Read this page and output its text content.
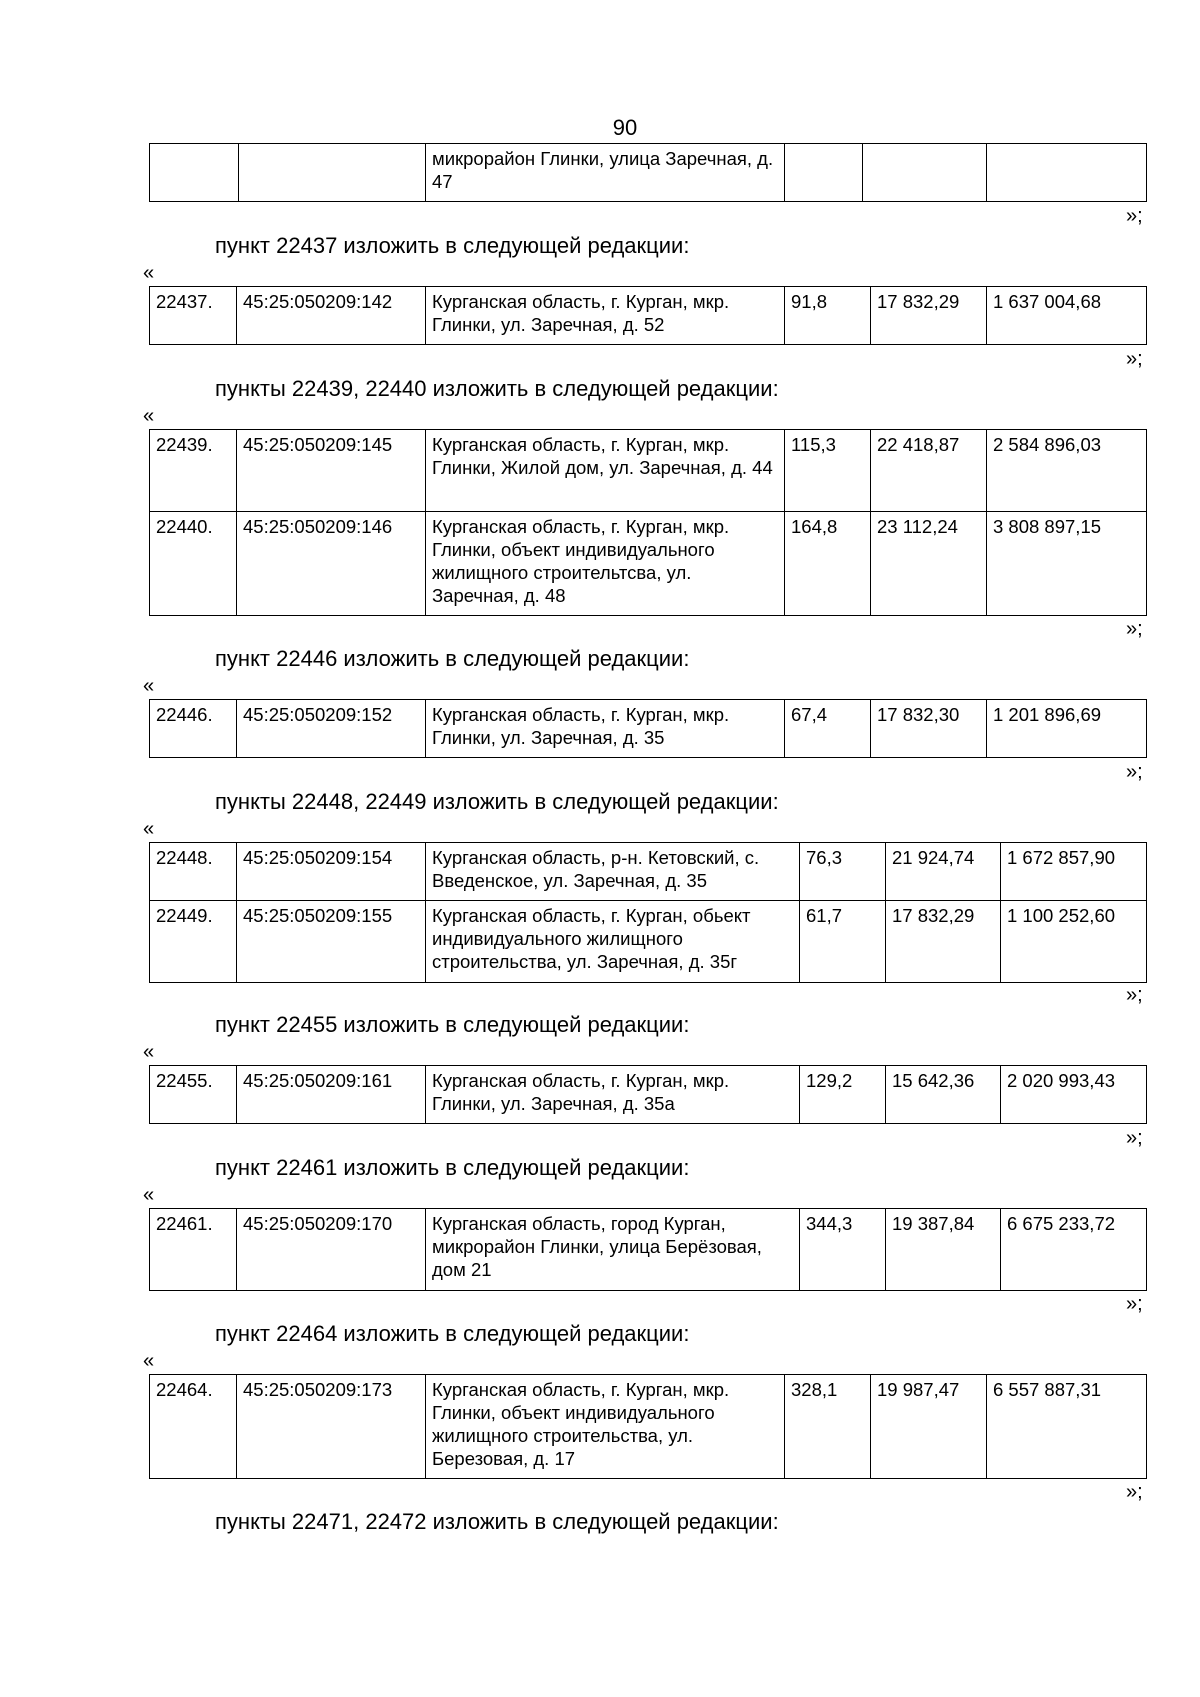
90
		микрорайон Глинки, улица Заречная, д. 47			
»;
пункт 22437 изложить в следующей редакции:
«
22437.	45:25:050209:142	Курганская область, г. Курган, мкр. Глинки, ул. Заречная, д. 52	91,8	17 832,29	1 637 004,68
»;
пункты 22439, 22440 изложить в следующей редакции:
«
22439.	45:25:050209:145	Курганская область, г. Курган, мкр. Глинки, Жилой дом, ул. Заречная, д. 44	115,3	22 418,87	2 584 896,03
22440.	45:25:050209:146	Курганская область, г. Курган, мкр. Глинки, объект индивидуального жилищного строительтсва, ул. Заречная, д. 48	164,8	23 112,24	3 808 897,15
»;
пункт 22446 изложить в следующей редакции:
«
22446.	45:25:050209:152	Курганская область, г. Курган, мкр. Глинки, ул. Заречная, д. 35	67,4	17 832,30	1 201 896,69
»;
пункты 22448, 22449 изложить в следующей редакции:
«
22448.	45:25:050209:154	Курганская область, р-н. Кетовский, с. Введенское, ул. Заречная, д. 35	76,3	21 924,74	1 672 857,90
22449.	45:25:050209:155	Курганская область, г. Курган, обьект индивидуального жилищного строительства, ул. Заречная, д. 35г	61,7	17 832,29	1 100 252,60
»;
пункт 22455 изложить в следующей редакции:
«
22455.	45:25:050209:161	Курганская область, г. Курган, мкр. Глинки, ул. Заречная, д. 35а	129,2	15 642,36	2 020 993,43
»;
пункт 22461 изложить в следующей редакции:
«
22461.	45:25:050209:170	Курганская область, город Курган, микрорайон Глинки, улица Берёзовая, дом 21	344,3	19 387,84	6 675 233,72
»;
пункт 22464 изложить в следующей редакции:
«
22464.	45:25:050209:173	Курганская область, г. Курган, мкр. Глинки, объект индивидуального жилищного строительства, ул. Березовая, д. 17	328,1	19 987,47	6 557 887,31
»;
пункты 22471, 22472 изложить в следующей редакции:
